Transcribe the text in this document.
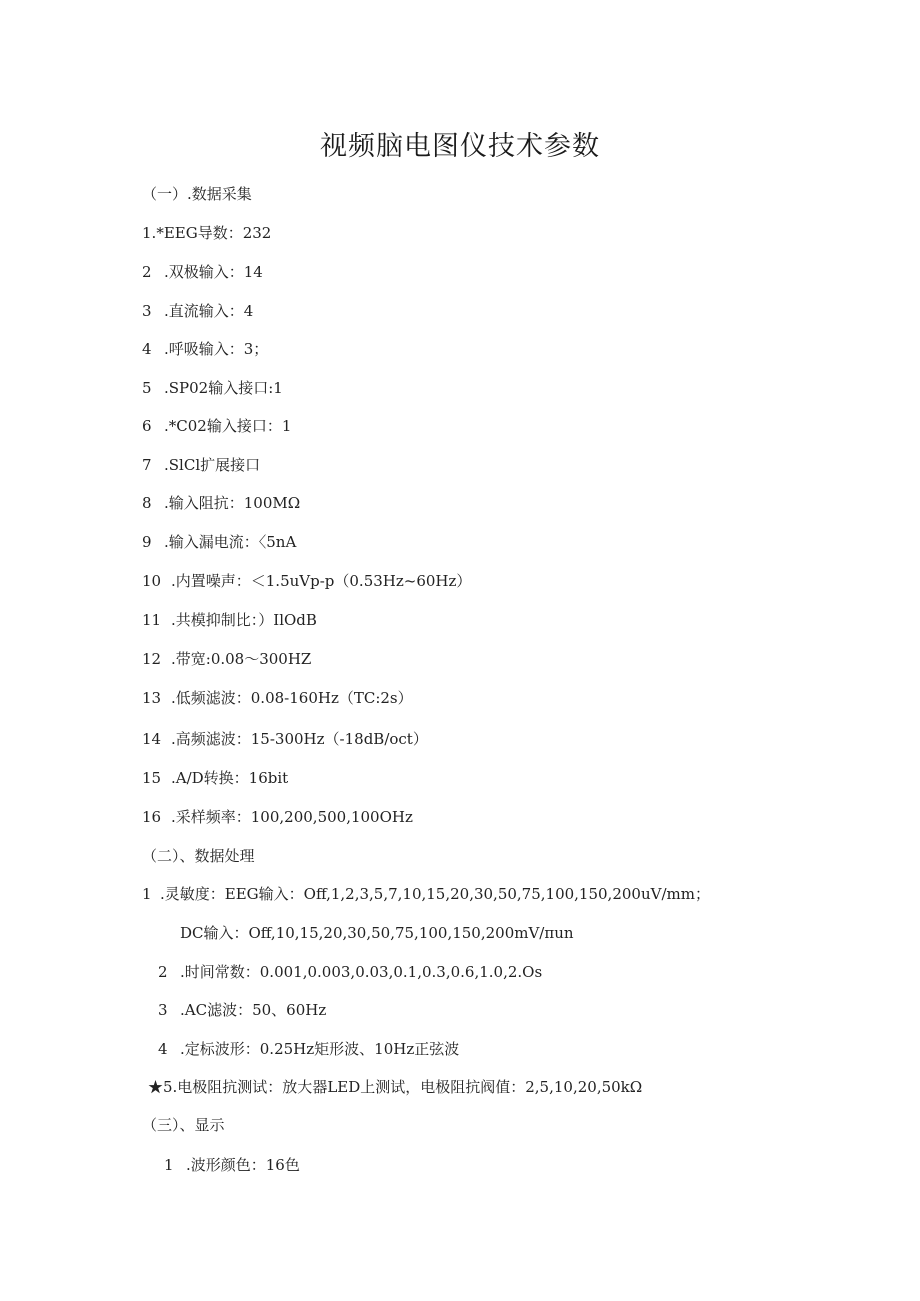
视频脑电图仪技术参数
（一）.数据采集
1.*EEG导数：232
2 .双极输入：14
3 .直流输入：4
4 .呼吸输入：3；
5 .SP02输入接口:1
6 .*C02输入接口：1
7 .SlCl扩展接口
8 .输入阻抗：100MΩ
9 .输入漏电流：〈5nA
10 .内置噪声：＜1.5uVp-p（0.53Hz~60Hz）
11 .共模抑制比：）IlOdB
12 .带宽:0.08～300HZ
13 .低频滤波：0.08-160Hz（TC:2s）
14 .高频滤波：15-300Hz（-18dB/oct）
15 .A/D转换：16bit
16 .采样频率：100,200,500,100OHz
（二）、数据处理
1 .灵敏度：EEG输入：Off,1,2,3,5,7,10,15,20,30,50,75,100,150,200uV/mm；
DC输入：Off,10,15,20,30,50,75,100,150,200mV/πun
2 .时间常数：0.001,0.003,0.03,0.1,0.3,0.6,1.0,2.Os
3 .AC滤波：50、60Hz
4 .定标波形：0.25Hz矩形波、10Hz正弦波
★5.电极阻抗测试：放大器LED上测试，电极阻抗阀值：2,5,10,20,50kΩ
（三）、显示
1 .波形颜色：16色
